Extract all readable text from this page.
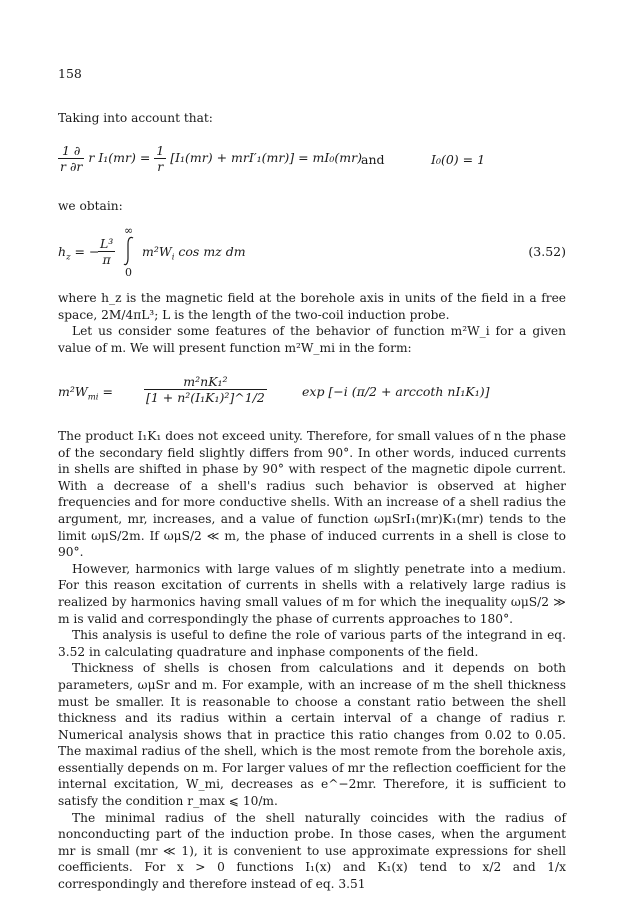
158

Taking into account that:

$\frac{1 \partial}{r \partial r}$ r $I_1(mr) = \frac{1}{r} [I_1(mr) + mrI'_1(mr)] = mI_0(mr)$ and	I₀(0) = 1

we obtain:

$h_z$ = −
$\frac{\text{L³}}{\pi}$
∞
0
$m^2W_i$ cos mz dm	(3.52)

where h_z is the magnetic field at the borehole axis in units of the field in a free space, 2M/4πL³; L is the length of the two-coil induction probe.

Let us consider some features of the behavior of function m²W_i for a given value of m. We will present function m²W_mi in the form:

$m^2W_{mi} = \frac{\text{m²nK₁²}}{\text{[1 + n²(I₁K₁)²]\textasciicircum{}1/2}}$	exp [−i (π/2 + arccoth nI₁K₁)]

The product I₁K₁ does not exceed unity. Therefore, for small values of n the phase of the secondary field slightly differs from 90°. In other words, induced currents in shells are shifted in phase by 90° with respect of the magnetic dipole current. With a decrease of a shell's radius such behavior is observed at higher frequencies and for more conductive shells. With an increase of a shell radius the argument, mr, increases, and a value of function ωμSrI₁(mr)K₁(mr) tends to the limit ωμS/2m. If ωμS/2 ≪ m, the phase of induced currents in a shell is close to 90°.

However, harmonics with large values of m slightly penetrate into a medium. For this reason excitation of currents in shells with a relatively large radius is realized by harmonics having small values of m for which the inequality ωμS/2 ≫ m is valid and correspondingly the phase of currents approaches to 180°.

This analysis is useful to define the role of various parts of the integrand in eq. 3.52 in calculating quadrature and inphase components of the field.

Thickness of shells is chosen from calculations and it depends on both parameters, ωμSr and m. For example, with an increase of m the shell thickness must be smaller. It is reasonable to choose a constant ratio between the shell thickness and its radius within a certain interval of a change of radius r. Numerical analysis shows that in practice this ratio changes from 0.02 to 0.05. The maximal radius of the shell, which is the most remote from the borehole axis, essentially depends on m. For larger values of mr the reflection coefficient for the internal excitation, W_mi, decreases as e^−2mr. Therefore, it is sufficient to satisfy the condition r_max ⩽ 10/m.

The minimal radius of the shell naturally coincides with the radius of nonconducting part of the induction probe. In those cases, when the argument mr is small (mr ≪ 1), it is convenient to use approximate expressions for shell coefficients. For x > 0 functions I₁(x) and K₁(x) tend to x/2 and 1/x correspondingly and therefore instead of eq. 3.51
